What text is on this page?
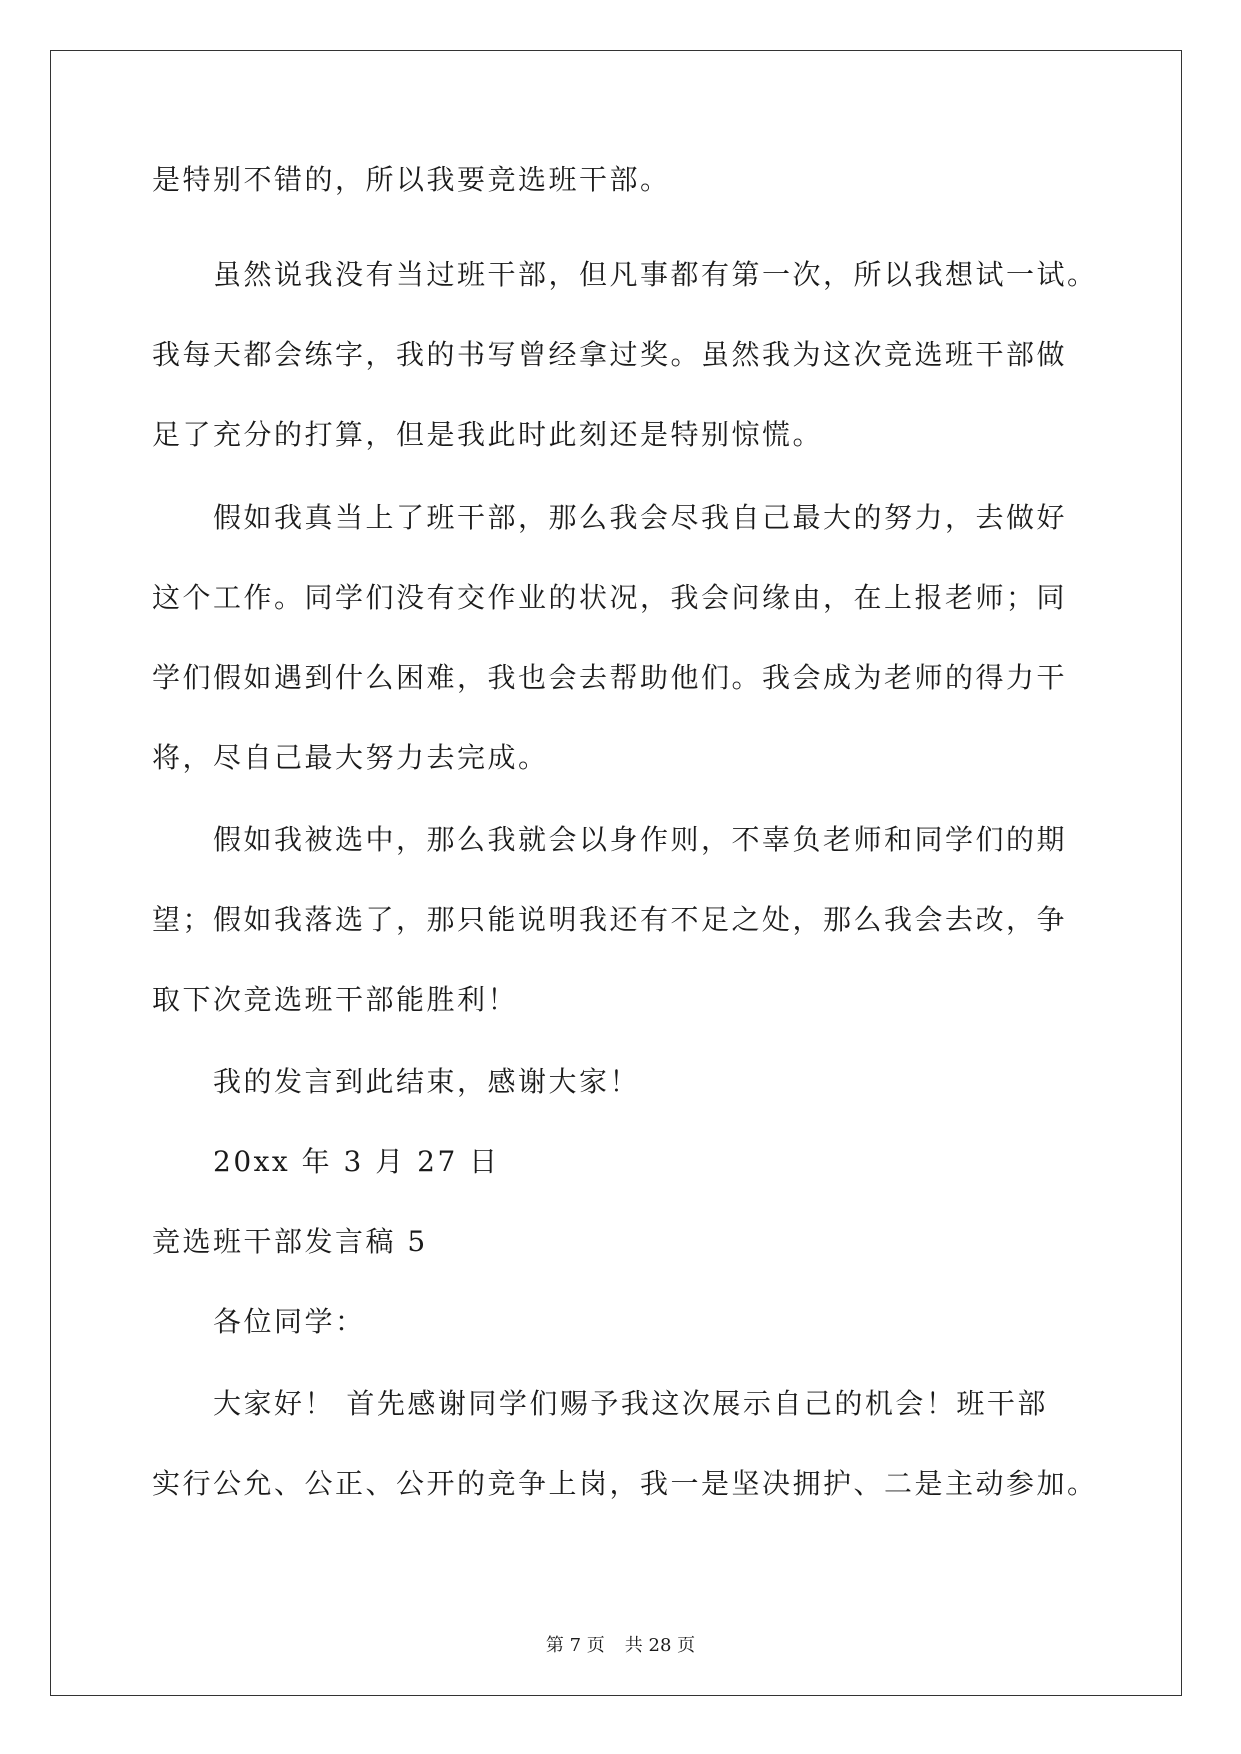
是特别不错的，所以我要竞选班干部。
虽然说我没有当过班干部，但凡事都有第一次，所以我想试一试。
我每天都会练字，我的书写曾经拿过奖。虽然我为这次竞选班干部做
足了充分的打算，但是我此时此刻还是特别惊慌。
假如我真当上了班干部，那么我会尽我自己最大的努力，去做好
这个工作。同学们没有交作业的状况，我会问缘由，在上报老师；同
学们假如遇到什么困难，我也会去帮助他们。我会成为老师的得力干
将，尽自己最大努力去完成。
假如我被选中，那么我就会以身作则，不辜负老师和同学们的期
望；假如我落选了，那只能说明我还有不足之处，那么我会去改，争
取下次竞选班干部能胜利！
我的发言到此结束，感谢大家！
20xx 年 3 月 27 日
竞选班干部发言稿 5
各位同学：
大家好！ 首先感谢同学们赐予我这次展示自己的机会！班干部
实行公允、公正、公开的竞争上岗，我一是坚决拥护、二是主动参加。
第 7 页 共 28 页
